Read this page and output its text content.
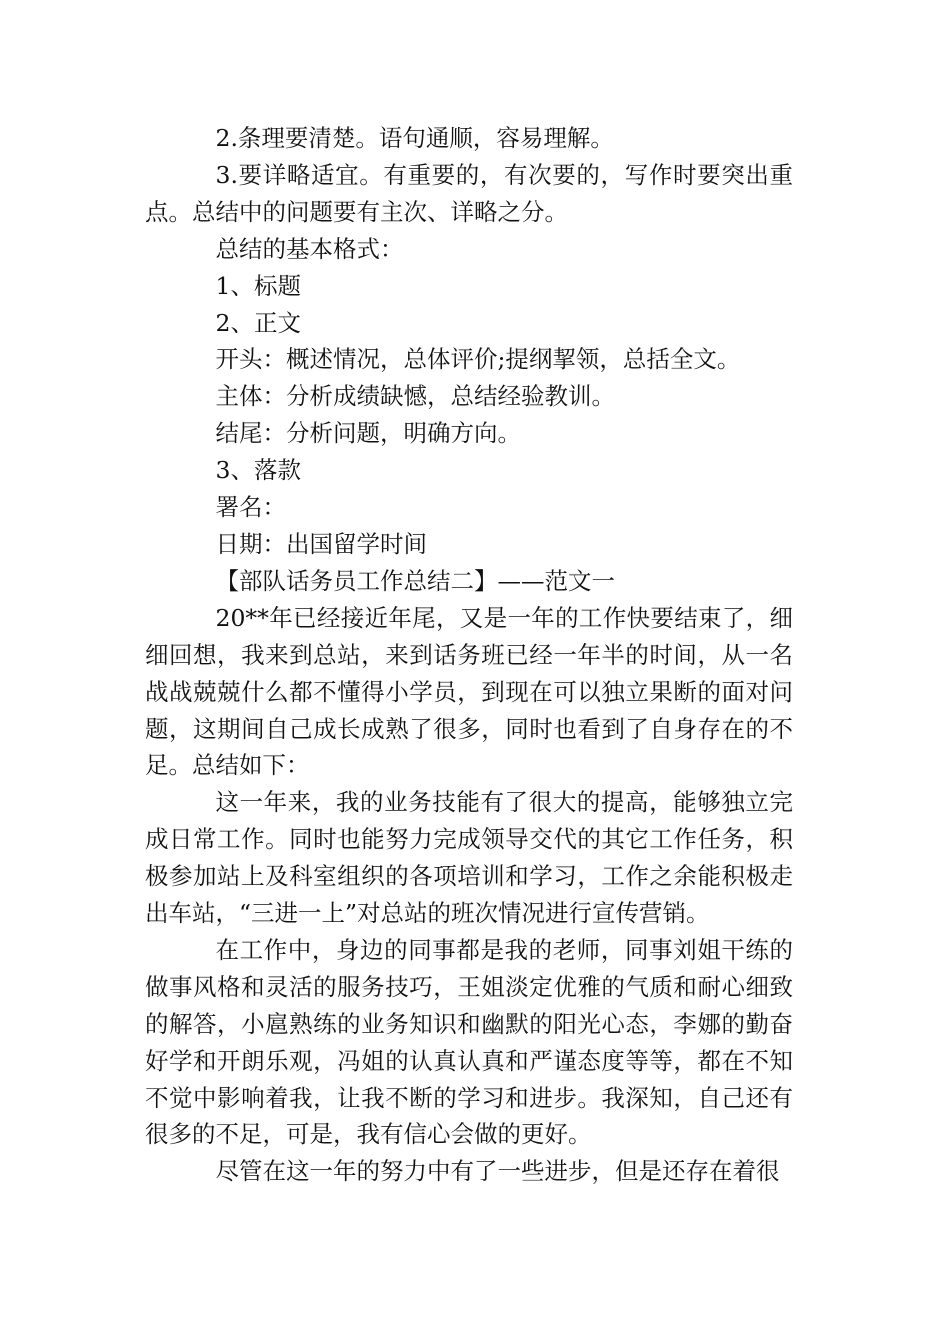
2.条理要清楚。语句通顺，容易理解。

3.要详略适宜。有重要的，有次要的，写作时要突出重点。总结中的问题要有主次、详略之分。

总结的基本格式：

1、标题

2、正文

开头：概述情况，总体评价;提纲挈领，总括全文。

主体：分析成绩缺憾，总结经验教训。

结尾：分析问题，明确方向。

3、落款

署名：

日期：出国留学时间

【部队话务员工作总结二】——范文一

20**年已经接近年尾，又是一年的工作快要结束了，细细回想，我来到总站，来到话务班已经一年半的时间，从一名战战兢兢什么都不懂得小学员，到现在可以独立果断的面对问题，这期间自己成长成熟了很多，同时也看到了自身存在的不足。总结如下：

这一年来，我的业务技能有了很大的提高，能够独立完成日常工作。同时也能努力完成领导交代的其它工作任务，积极参加站上及科室组织的各项培训和学习，工作之余能积极走出车站，“三进一上”对总站的班次情况进行宣传营销。

在工作中，身边的同事都是我的老师，同事刘姐干练的做事风格和灵活的服务技巧，王姐淡定优雅的气质和耐心细致的解答，小扈熟练的业务知识和幽默的阳光心态，李娜的勤奋好学和开朗乐观，冯姐的认真认真和严谨态度等等，都在不知不觉中影响着我，让我不断的学习和进步。我深知，自己还有很多的不足，可是，我有信心会做的更好。

尽管在这一年的努力中有了一些进步，但是还存在着很
